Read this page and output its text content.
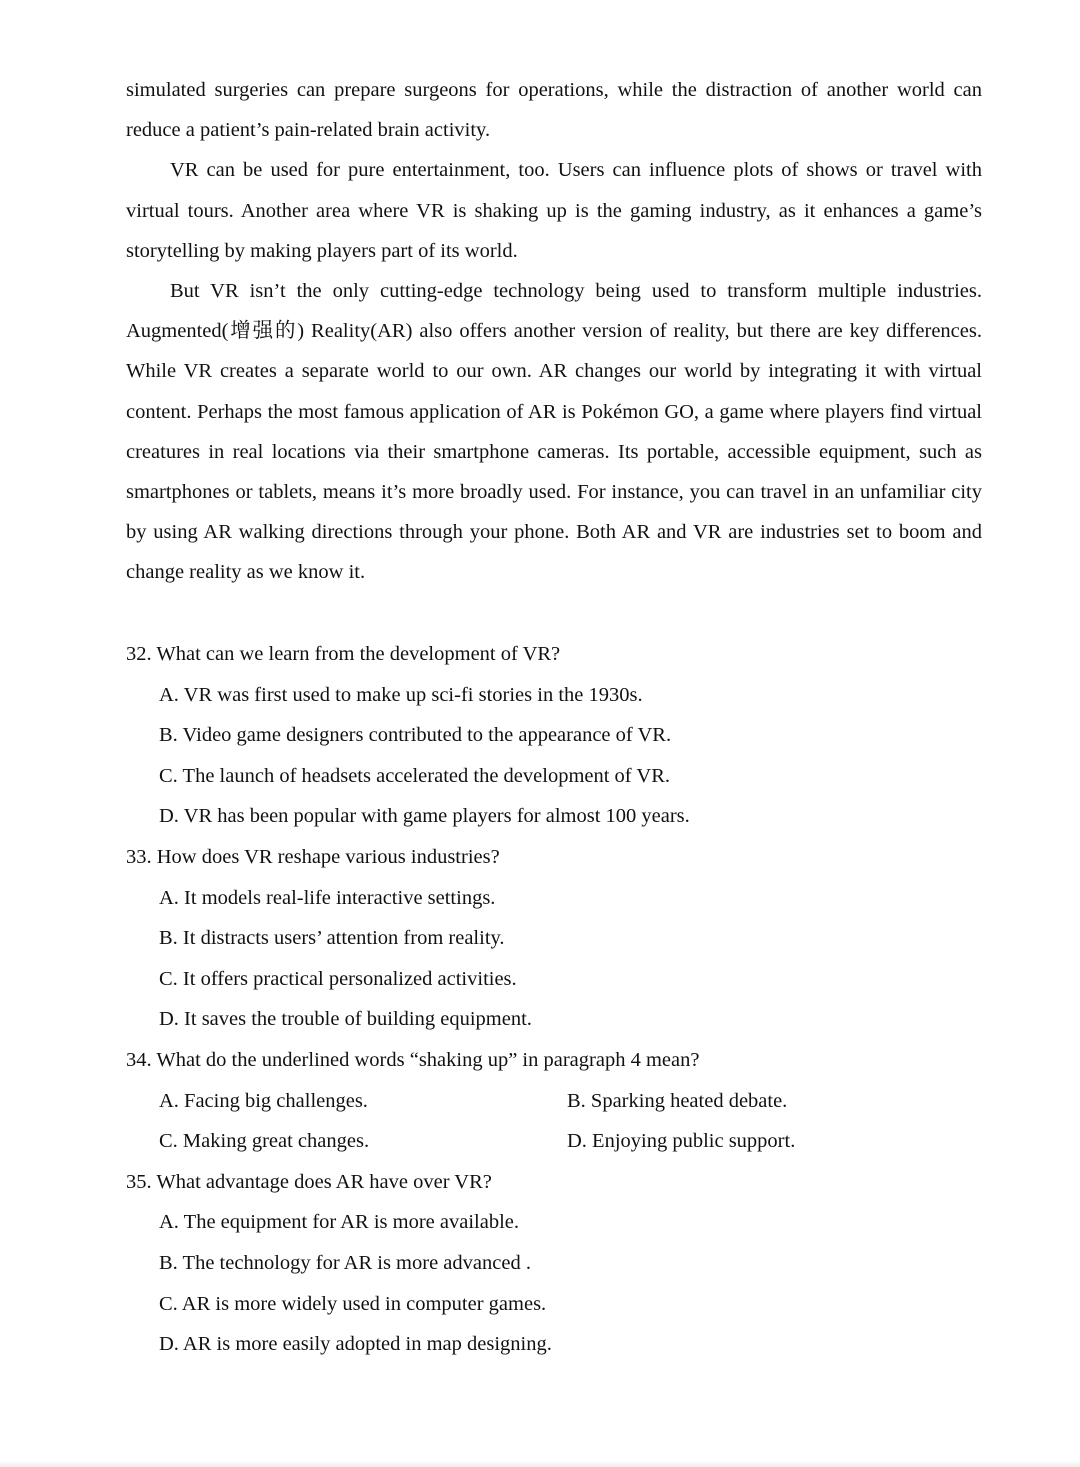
simulated surgeries can prepare surgeons for operations, while the distraction of another world can reduce a patient’s pain-related brain activity.

VR can be used for pure entertainment, too. Users can influence plots of shows or travel with virtual tours. Another area where VR is shaking up is the gaming industry, as it enhances a game’s storytelling by making players part of its world.

But VR isn’t the only cutting-edge technology being used to transform multiple industries. Augmented(增强的) Reality(AR) also offers another version of reality, but there are key differences. While VR creates a separate world to our own. AR changes our world by integrating it with virtual content. Perhaps the most famous application of AR is Pokémon GO, a game where players find virtual creatures in real locations via their smartphone cameras. Its portable, accessible equipment, such as smartphones or tablets, means it’s more broadly used. For instance, you can travel in an unfamiliar city by using AR walking directions through your phone. Both AR and VR are industries set to boom and change reality as we know it.

32. What can we learn from the development of VR?
A. VR was first used to make up sci-fi stories in the 1930s.
B. Video game designers contributed to the appearance of VR.
C. The launch of headsets accelerated the development of VR.
D. VR has been popular with game players for almost 100 years.
33. How does VR reshape various industries?
A. It models real-life interactive settings.
B. It distracts users’ attention from reality.
C. It offers practical personalized activities.
D. It saves the trouble of building equipment.
34. What do the underlined words “shaking up” in paragraph 4 mean?
A. Facing big challenges.	B. Sparking heated debate.
C. Making great changes.	D. Enjoying public support.
35. What advantage does AR have over VR?
A. The equipment for AR is more available.
B. The technology for AR is more advanced .
C. AR is more widely used in computer games.
D. AR is more easily adopted in map designing.
